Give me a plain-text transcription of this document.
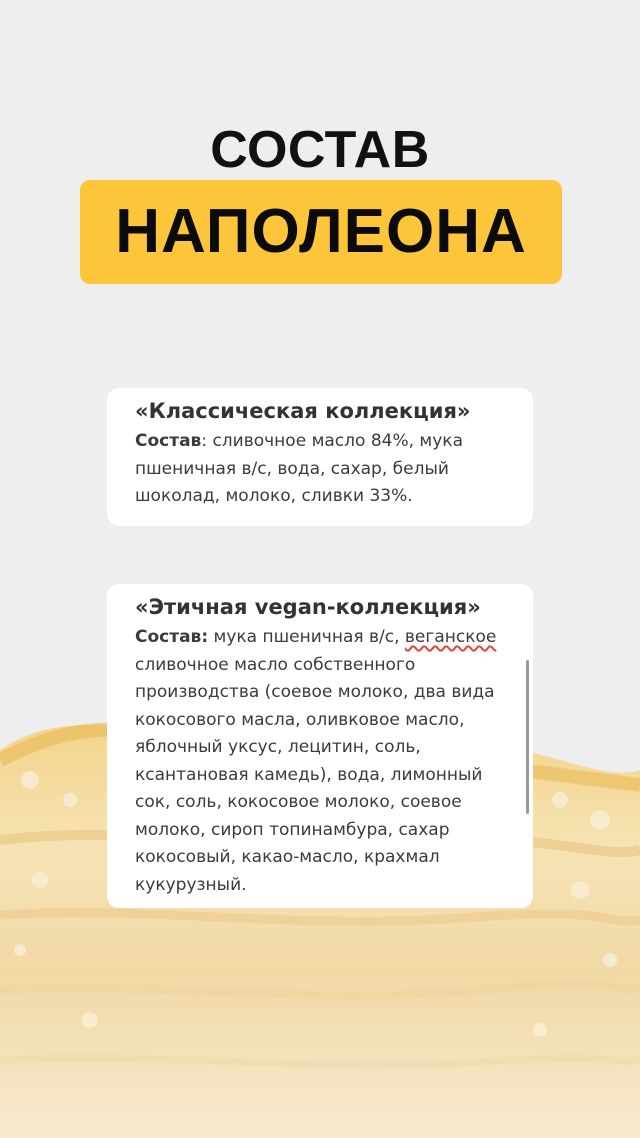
СОСТАВ
НАПОЛЕОНА
«Классическая коллекция»
Состав: сливочное масло 84%, мука пшеничная в/с, вода, сахар, белый шоколад, молоко, сливки 33%.
«Этичная vegan-коллекция»
Состав: мука пшеничная в/с, веганское сливочное масло собственного производства (соевое молоко, два вида кокосового масла, оливковое масло, яблочный уксус, лецитин, соль, ксантановая камедь), вода, лимонный сок, соль, кокосовое молоко, соевое молоко, сироп топинамбура, сахар кокосовый, какао-масло, крахмал кукурузный.
